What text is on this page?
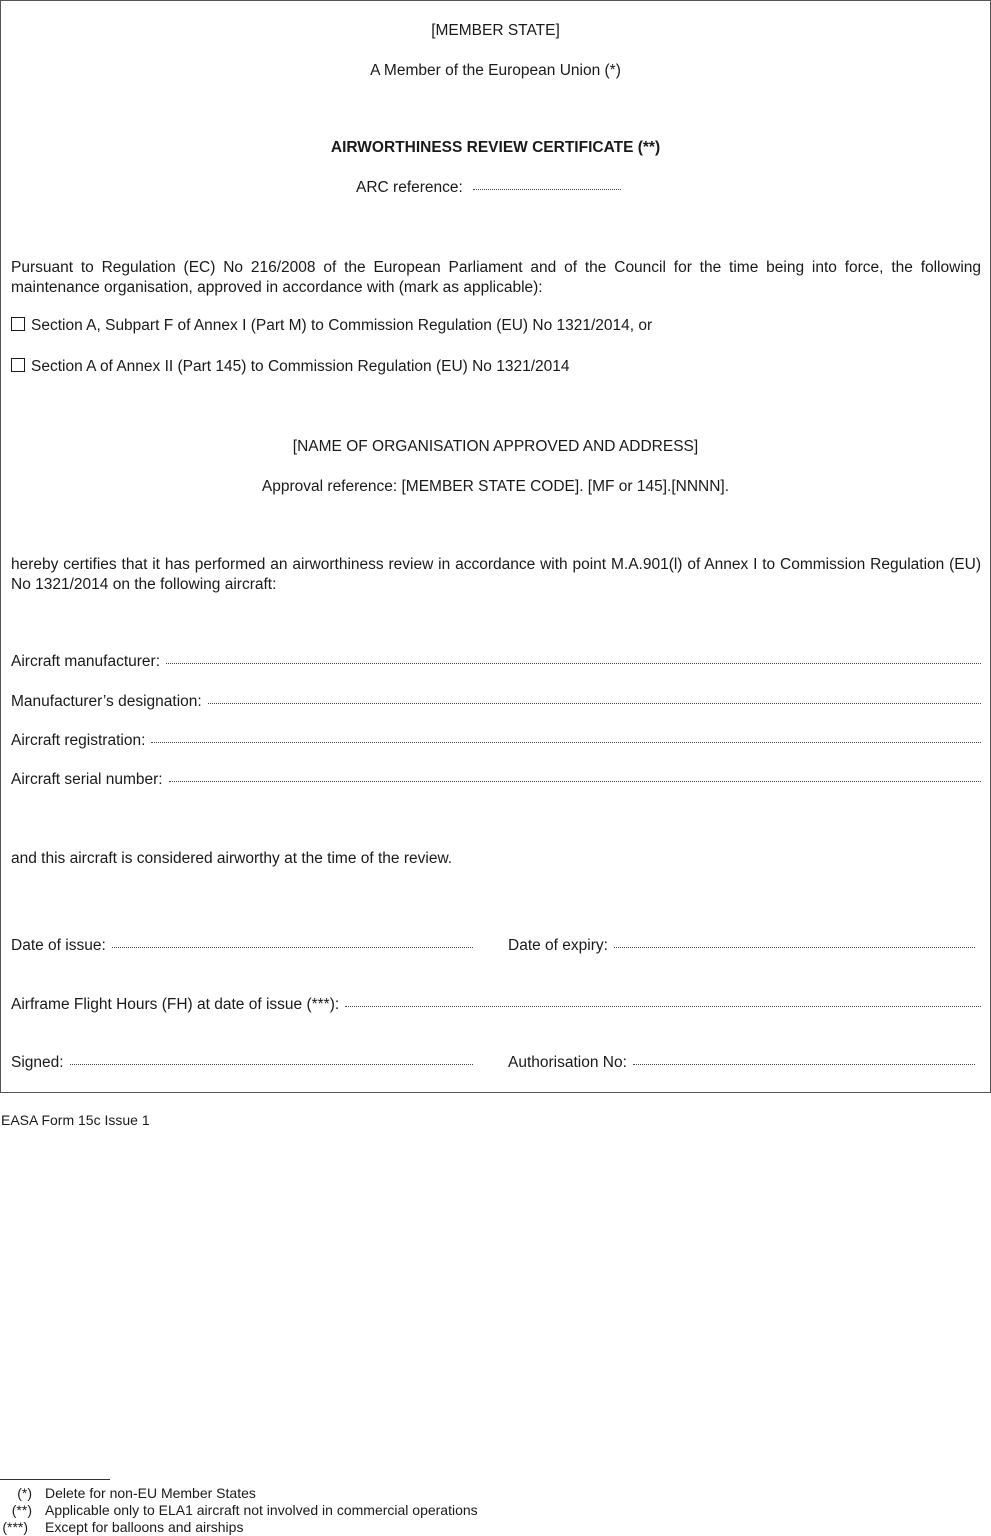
[MEMBER STATE]
A Member of the European Union (*)
AIRWORTHINESS REVIEW CERTIFICATE (**)
ARC reference:
Pursuant to Regulation (EC) No 216/2008 of the European Parliament and of the Council for the time being into force, the following maintenance organisation, approved in accordance with (mark as applicable):
Section A, Subpart F of Annex I (Part M) to Commission Regulation (EU) No 1321/2014, or
Section A of Annex II (Part 145) to Commission Regulation (EU) No 1321/2014
[NAME OF ORGANISATION APPROVED AND ADDRESS]
Approval reference: [MEMBER STATE CODE]. [MF or 145].[NNNN].
hereby certifies that it has performed an airworthiness review in accordance with point M.A.901(l) of Annex I to Commission Regulation (EU) No 1321/2014 on the following aircraft:
Aircraft manufacturer:
Manufacturer’s designation:
Aircraft registration:
Aircraft serial number:
and this aircraft is considered airworthy at the time of the review.
Date of issue:	Date of expiry:
Airframe Flight Hours (FH) at date of issue (***):
Signed:	Authorisation No:
EASA Form 15c Issue 1
(*) Delete for non-EU Member States
(**) Applicable only to ELA1 aircraft not involved in commercial operations
(***) Except for balloons and airships
